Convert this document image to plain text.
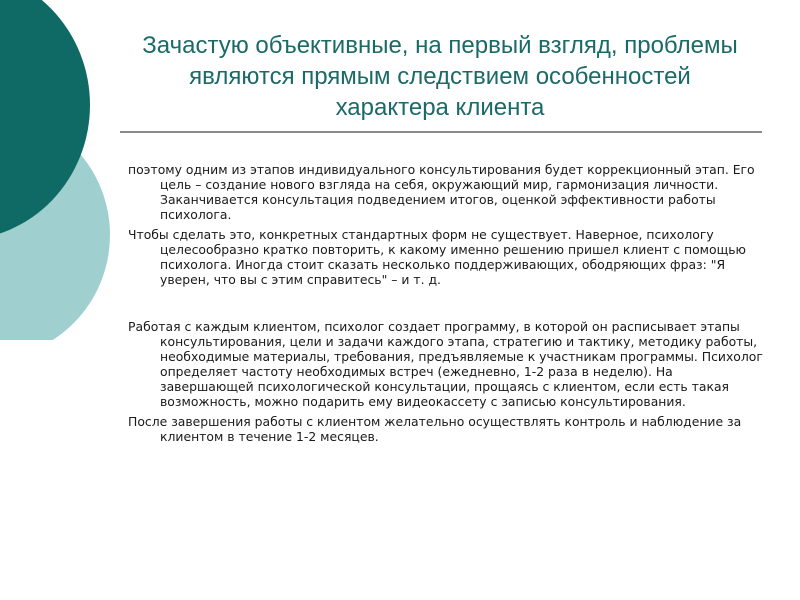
Зачастую объективные, на первый взгляд, проблемы являются прямым следствием особенностей характера клиента

поэтому одним из этапов индивидуального консультирования будет коррекционный этап. Его цель – создание нового взгляда на себя, окружающий мир, гармонизация личности. Заканчивается консультация подведением итогов, оценкой эффективности работы психолога.

Чтобы сделать это, конкретных стандартных форм не существует. Наверное, психологу целесообразно кратко повторить, к какому именно решению пришел клиент с помощью психолога. Иногда стоит сказать несколько поддерживающих, ободряющих фраз: "Я уверен, что вы с этим справитесь" – и т. д.

Работая с каждым клиентом, психолог создает программу, в которой он расписывает этапы консультирования, цели и задачи каждого этапа, стратегию и тактику, методику работы, необходимые материалы, требования, предъявляемые к участникам программы. Психолог определяет частоту необходимых встреч (ежедневно, 1-2 раза в неделю). На завершающей психологической консультации, прощаясь с клиентом, если есть такая возможность, можно подарить ему видеокассету с записью консультирования.

После завершения работы с клиентом желательно осуществлять контроль и наблюдение за клиентом в течение 1-2 месяцев.
